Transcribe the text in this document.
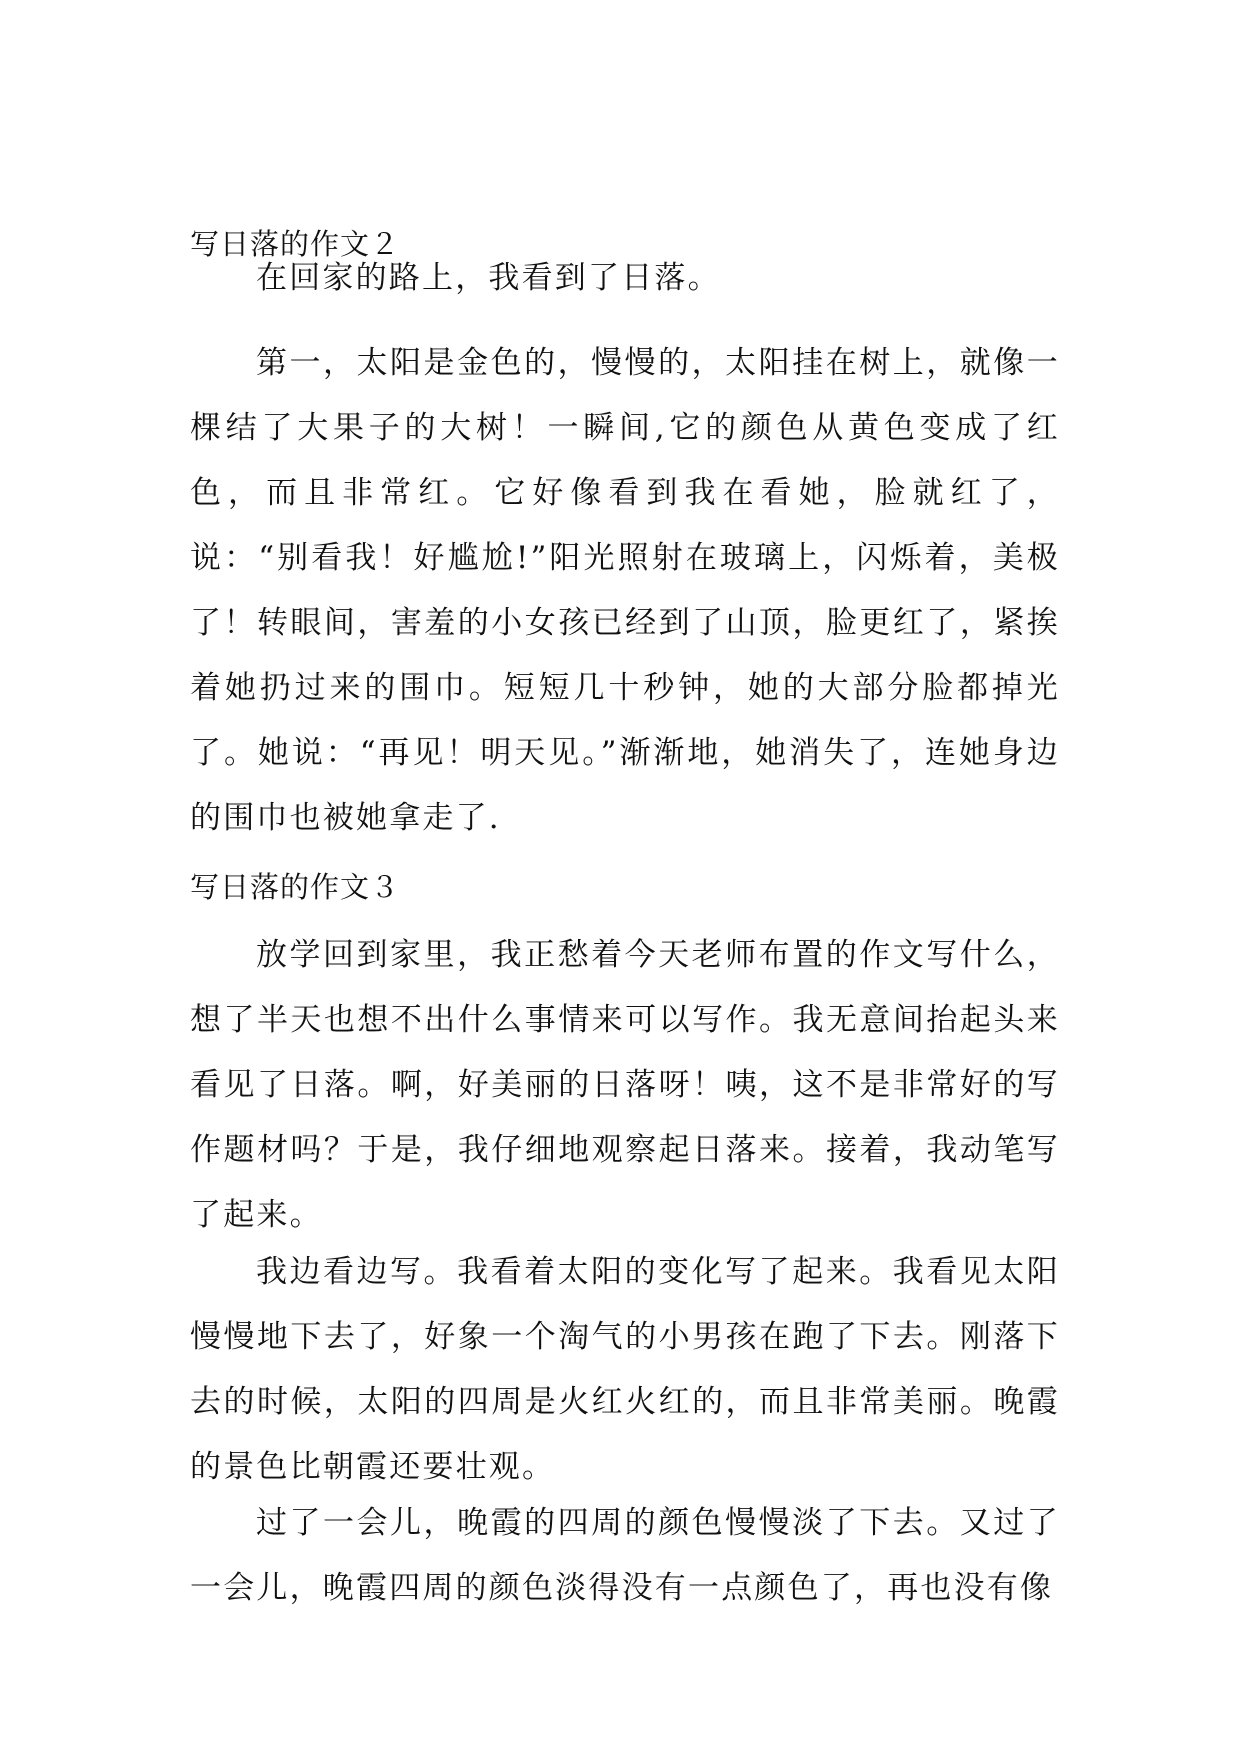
写日落的作文２

在回家的路上，我看到了日落。

第一，太阳是金色的，慢慢的，太阳挂在树上，就像一棵结了大果子的大树！一瞬间,它的颜色从黄色变成了红色，而且非常红。它好像看到我在看她，脸就红了，说：“别看我！好尴尬!”阳光照射在玻璃上，闪烁着，美极了！转眼间，害羞的小女孩已经到了山顶，脸更红了，紧挨着她扔过来的围巾。短短几十秒钟，她的大部分脸都掉光了。她说：“再见！明天见。”渐渐地，她消失了，连她身边的围巾也被她拿走了.

写日落的作文３

放学回到家里，我正愁着今天老师布置的作文写什么，想了半天也想不出什么事情来可以写作。我无意间抬起头来看见了日落。啊，好美丽的日落呀！咦，这不是非常好的写作题材吗？于是，我仔细地观察起日落来。接着，我动笔写了起来。

我边看边写。我看着太阳的变化写了起来。我看见太阳慢慢地下去了，好象一个淘气的小男孩在跑了下去。刚落下去的时候，太阳的四周是火红火红的，而且非常美丽。晚霞的景色比朝霞还要壮观。

过了一会儿，晚霞的四周的颜色慢慢淡了下去。又过了一会儿，晚霞四周的颜色淡得没有一点颜色了，再也没有像
